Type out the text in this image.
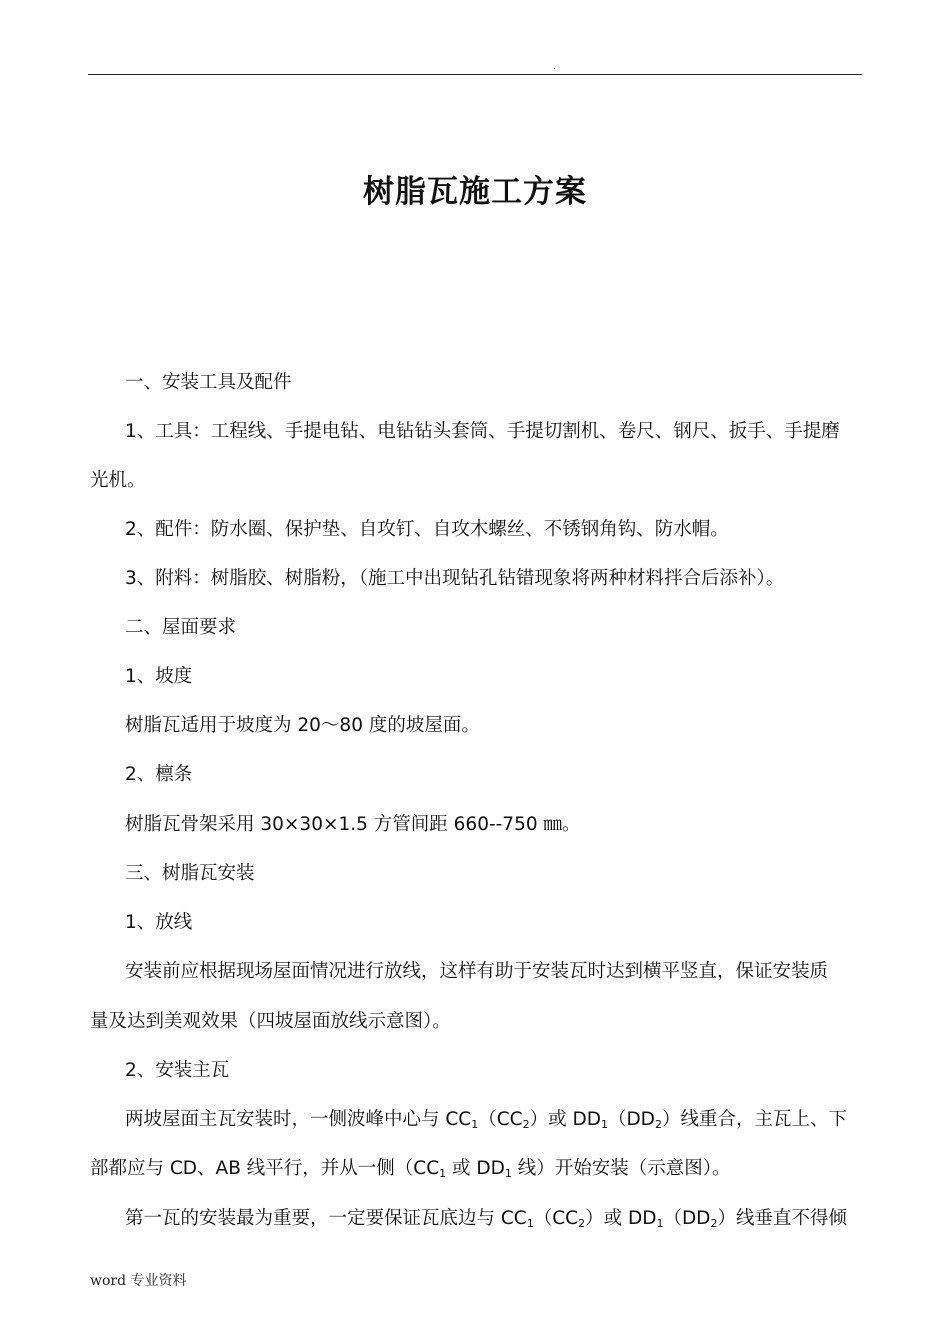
.
树脂瓦施工方案
一、安装工具及配件
1、工具：工程线、手提电钻、电钻钻头套筒、手提切割机、卷尺、钢尺、扳手、手提磨
光机。
2、配件：防水圈、保护垫、自攻钉、自攻木螺丝、不锈钢角钩、防水帽。
3、附料：树脂胶、树脂粉，（施工中出现钻孔钻错现象将两种材料拌合后添补）。
二、屋面要求
1、坡度
树脂瓦适用于坡度为 20～80 度的坡屋面。
2、檩条
树脂瓦骨架采用 30×30×1.5 方管间距 660--750 ㎜。
三、树脂瓦安装
1、放线
安装前应根据现场屋面情况进行放线，这样有助于安装瓦时达到横平竖直，保证安装质
量及达到美观效果（四坡屋面放线示意图）。
2、安装主瓦
两坡屋面主瓦安装时，一侧波峰中心与 $CC_1(CC_2)$或 $DD_1(DD_2)$线重合，主瓦上、下
部都应与 CD、AB 线平行，并从一侧（$CC_1$ 或 $DD_1$ 线）开始安装（示意图）。
第一瓦的安装最为重要，一定要保证瓦底边与 $CC_1(CC_2)$或 $DD_1(DD_2)$线垂直不得倾
word 专业资料
